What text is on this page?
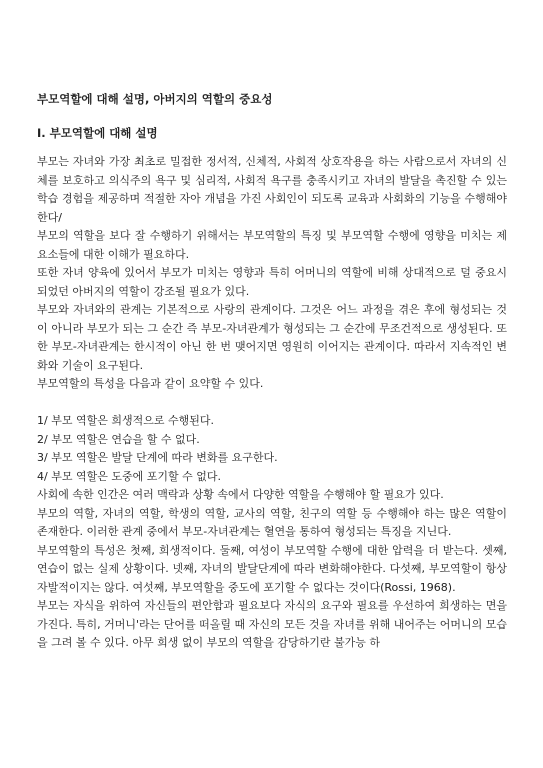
부모역할에 대해 설명, 아버지의 역할의 중요성
I. 부모역할에 대해 설명

부모는 자녀와 가장 최초로 밀접한 정서적, 신체적, 사회적 상호작용을 하는 사람으로서 자녀의 신체를 보호하고 의식주의 욕구 및 심리적, 사회적 욕구를 충족시키고 자녀의 발달을 촉진할 수 있는 학습 경험을 제공하며 적절한 자아 개념을 가진 사회인이 되도록 교육과 사회화의 기능을 수행해야 한다/

부모의 역할을 보다 잘 수행하기 위해서는 부모역할의 특징 및 부모역할 수행에 영향을 미치는 제요소들에 대한 이해가 필요하다.

또한 자녀 양육에 있어서 부모가 미치는 영향과 특히 어머니의 역할에 비해 상대적으로 덜 중요시되었던 아버지의 역할이 강조될 필요가 있다.

부모와 자녀와의 관계는 기본적으로 사랑의 관계이다. 그것은 어느 과정을 겪은 후에 형성되는 것이 아니라 부모가 되는 그 순간 즉 부모-자녀관계가 형성되는 그 순간에 무조건적으로 생성된다. 또한 부모-자녀관계는 한시적이 아닌 한 번 맺어지면 영원히 이어지는 관계이다. 따라서 지속적인 변화와 기술이 요구된다.

부모역할의 특성을 다음과 같이 요약할 수 있다.

1/ 부모 역할은 희생적으로 수행된다.

2/ 부모 역할은 연습을 할 수 없다.

3/ 부모 역할은 발달 단계에 따라 변화를 요구한다.

4/ 부모 역할은 도중에 포기할 수 없다.

사회에 속한 인간은 여러 맥락과 상황 속에서 다양한 역할을 수행해야 할 필요가 있다.

부모의 역할, 자녀의 역할, 학생의 역할, 교사의 역할, 친구의 역할 등 수행해야 하는 많은 역할이 존재한다. 이러한 관계 중에서 부모-자녀관계는 혈연을 통하여 형성되는 특징을 지닌다.

부모역할의 특성은 첫째, 희생적이다. 둘째, 여성이 부모역할 수행에 대한 압력을 더 받는다. 셋째, 연습이 없는 실제 상황이다. 넷째, 자녀의 발달단계에 따라 변화해야한다. 다섯째, 부모역할이 항상 자발적이지는 않다. 여섯째, 부모역할을 중도에 포기할 수 없다는 것이다(Rossi, 1968).

부모는 자식을 위하여 자신들의 편안함과 필요보다 자식의 요구와 필요를 우선하여 희생하는 면을 가진다. 특히, 거머니'라는 단어를 떠올릴 때 자신의 모든 것을 자녀를 위해 내어주는 어머니의 모습을 그려 볼 수 있다. 아무 희생 없이 부모의 역할을 감당하기란 불가능 하
